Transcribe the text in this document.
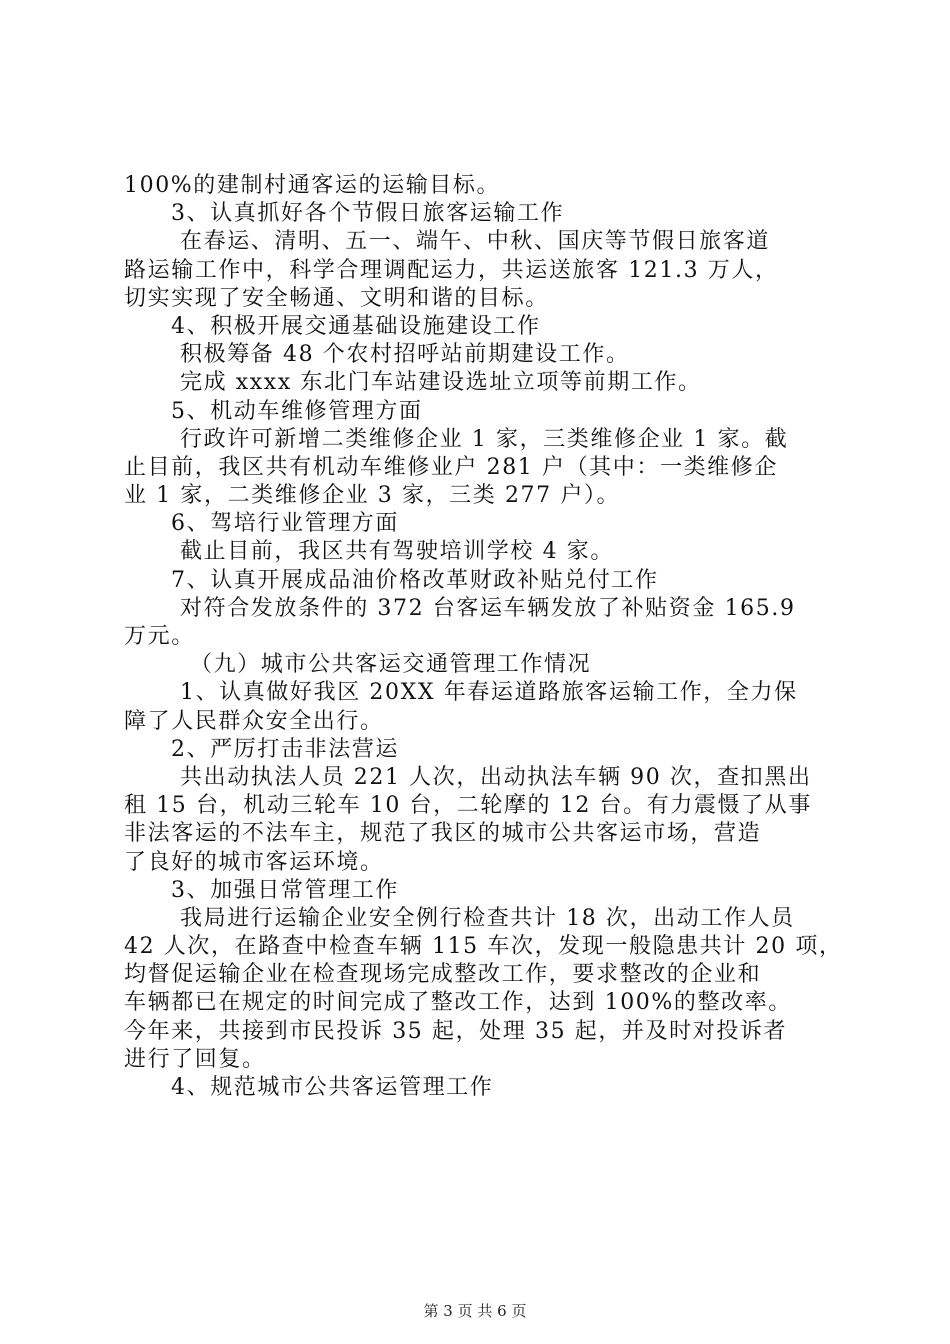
100%的建制村通客运的运输目标。
3、认真抓好各个节假日旅客运输工作
在春运、清明、五一、端午、中秋、国庆等节假日旅客道
路运输工作中，科学合理调配运力，共运送旅客 121.3 万人，
切实实现了安全畅通、文明和谐的目标。
4、积极开展交通基础设施建设工作
积极筹备 48 个农村招呼站前期建设工作。
完成 xxxx 东北门车站建设选址立项等前期工作。
5、机动车维修管理方面
行政许可新增二类维修企业 1 家，三类维修企业 1 家。截
止目前，我区共有机动车维修业户 281 户（其中：一类维修企
业 1 家，二类维修企业 3 家，三类 277 户）。
6、驾培行业管理方面
截止目前，我区共有驾驶培训学校 4 家。
7、认真开展成品油价格改革财政补贴兑付工作
对符合发放条件的 372 台客运车辆发放了补贴资金 165.9
万元。
（九）城市公共客运交通管理工作情况
1、认真做好我区 20XX 年春运道路旅客运输工作，全力保
障了人民群众安全出行。
2、严厉打击非法营运
共出动执法人员 221 人次，出动执法车辆 90 次，查扣黑出
租 15 台，机动三轮车 10 台，二轮摩的 12 台。有力震慑了从事
非法客运的不法车主，规范了我区的城市公共客运市场，营造
了良好的城市客运环境。
3、加强日常管理工作
我局进行运输企业安全例行检查共计 18 次，出动工作人员
42 人次，在路查中检查车辆 115 车次，发现一般隐患共计 20 项，
均督促运输企业在检查现场完成整改工作，要求整改的企业和
车辆都已在规定的时间完成了整改工作，达到 100%的整改率。
今年来，共接到市民投诉 35 起，处理 35 起，并及时对投诉者
进行了回复。
4、规范城市公共客运管理工作
第 3 页 共 6 页
